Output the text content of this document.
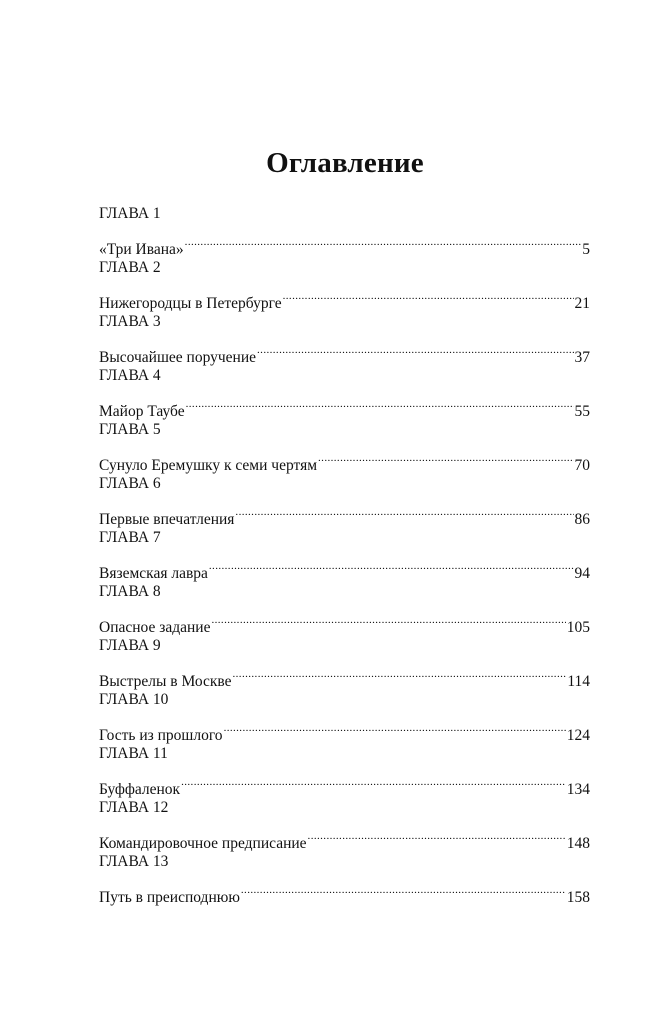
Оглавление
ГЛАВА 1
«Три Ивана» .....	5
ГЛАВА 2
Нижегородцы в Петербурге .....	21
ГЛАВА 3
Высочайшее поручение .....	37
ГЛАВА 4
Майор Таубе .....	55
ГЛАВА 5
Сунуло Еремушку к семи чертям .....	70
ГЛАВА 6
Первые впечатления .....	86
ГЛАВА 7
Вяземская лавра .....	94
ГЛАВА 8
Опасное задание .....	105
ГЛАВА 9
Выстрелы в Москве .....	114
ГЛАВА 10
Гость из прошлого .....	124
ГЛАВА 11
Буффаленок .....	134
ГЛАВА 12
Командировочное предписание .....	148
ГЛАВА 13
Путь в преисподнюю .....	158
